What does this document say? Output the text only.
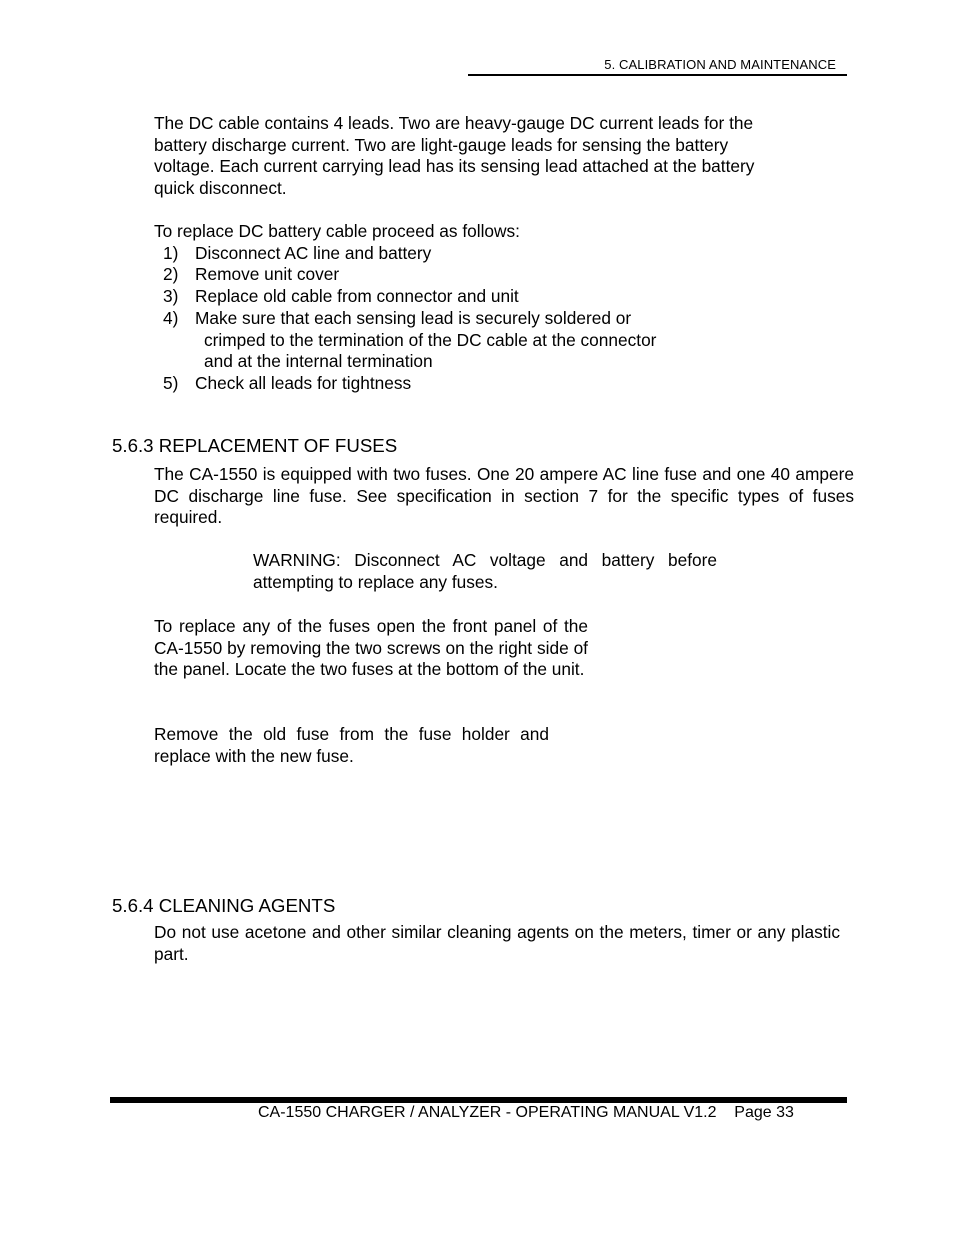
5. CALIBRATION AND MAINTENANCE
The DC cable contains 4 leads. Two are heavy-gauge DC current leads for the
battery discharge current. Two are light-gauge leads for sensing the battery
voltage. Each current carrying lead has its sensing lead attached at the battery
quick disconnect.
To replace DC battery cable proceed as follows:
1) Disconnect AC line and battery
2) Remove unit cover
3) Replace old cable from connector and unit
4) Make sure that each sensing lead is securely soldered or
crimped to the termination of the DC cable at the connector
and at the internal termination
5) Check all leads for tightness
5.6.3 REPLACEMENT OF FUSES
The CA-1550 is equipped with two fuses. One 20 ampere AC line fuse and one 40 ampere DC discharge line fuse. See specification in section 7 for the specific types of fuses required.
WARNING: Disconnect AC voltage and battery before attempting to replace any fuses.
To replace any of the fuses open the front panel of the CA-1550 by removing the two screws on the right side of the panel. Locate the two fuses at the bottom of the unit.
Remove the old fuse from the fuse holder and replace with the new fuse.
5.6.4 CLEANING AGENTS
Do not use acetone and other similar cleaning agents on the meters, timer or any plastic part.
CA-1550 CHARGER / ANALYZER - OPERATING MANUAL V1.2 Page 33
